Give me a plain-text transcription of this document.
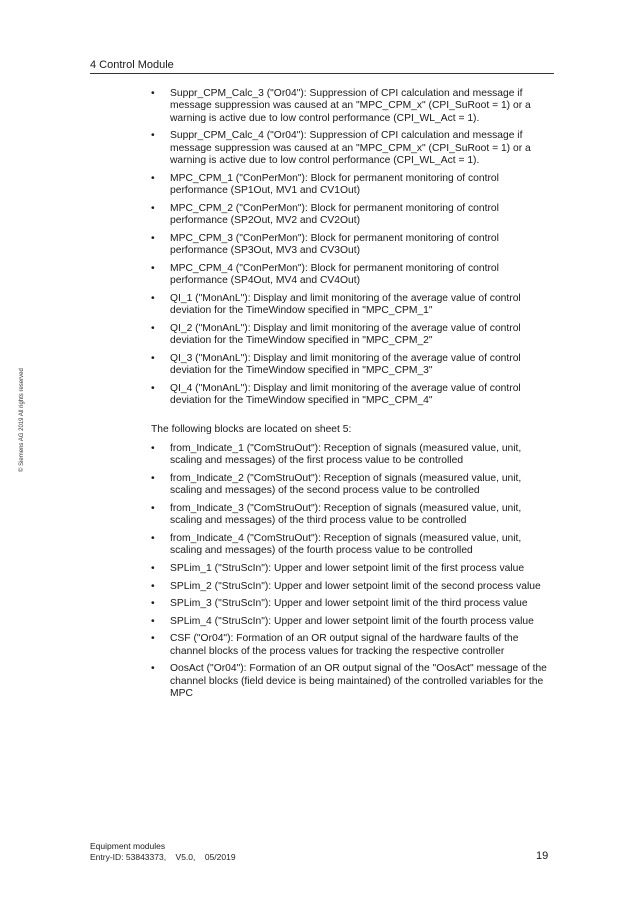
4 Control Module
© Siemens AG 2019 All rights reserved
• Suppr_CPM_Calc_3 ("Or04"): Suppression of CPI calculation and message if message suppression was caused at an "MPC_CPM_x" (CPI_SuRoot = 1) or a warning is active due to low control performance (CPI_WL_Act = 1).
• Suppr_CPM_Calc_4 ("Or04"): Suppression of CPI calculation and message if message suppression was caused at an "MPC_CPM_x" (CPI_SuRoot = 1) or a warning is active due to low control performance (CPI_WL_Act = 1).
• MPC_CPM_1 ("ConPerMon"): Block for permanent monitoring of control performance (SP1Out, MV1 and CV1Out)
• MPC_CPM_2 ("ConPerMon"): Block for permanent monitoring of control performance (SP2Out, MV2 and CV2Out)
• MPC_CPM_3 ("ConPerMon"): Block for permanent monitoring of control performance (SP3Out, MV3 and CV3Out)
• MPC_CPM_4 ("ConPerMon"): Block for permanent monitoring of control performance (SP4Out, MV4 and CV4Out)
• QI_1 ("MonAnL"): Display and limit monitoring of the average value of control deviation for the TimeWindow specified in "MPC_CPM_1"
• QI_2 ("MonAnL"): Display and limit monitoring of the average value of control deviation for the TimeWindow specified in "MPC_CPM_2"
• QI_3 ("MonAnL"): Display and limit monitoring of the average value of control deviation for the TimeWindow specified in "MPC_CPM_3"
• QI_4 ("MonAnL"): Display and limit monitoring of the average value of control deviation for the TimeWindow specified in "MPC_CPM_4"
The following blocks are located on sheet 5:
• from_Indicate_1 ("ComStruOut"): Reception of signals (measured value, unit, scaling and messages) of the first process value to be controlled
• from_Indicate_2 ("ComStruOut"): Reception of signals (measured value, unit, scaling and messages) of the second process value to be controlled
• from_Indicate_3 ("ComStruOut"): Reception of signals (measured value, unit, scaling and messages) of the third process value to be controlled
• from_Indicate_4 ("ComStruOut"): Reception of signals (measured value, unit, scaling and messages) of the fourth process value to be controlled
• SPLim_1 ("StruScIn"): Upper and lower setpoint limit of the first process value
• SPLim_2 ("StruScIn"): Upper and lower setpoint limit of the second process value
• SPLim_3 ("StruScIn"): Upper and lower setpoint limit of the third process value
• SPLim_4 ("StruScIn"): Upper and lower setpoint limit of the fourth process value
• CSF ("Or04"): Formation of an OR output signal of the hardware faults of the channel blocks of the process values for tracking the respective controller
• OosAct ("Or04"): Formation of an OR output signal of the "OosAct" message of the channel blocks (field device is being maintained) of the controlled variables for the MPC
Equipment modules
Entry-ID: 53843373, V5.0, 05/2019	19
